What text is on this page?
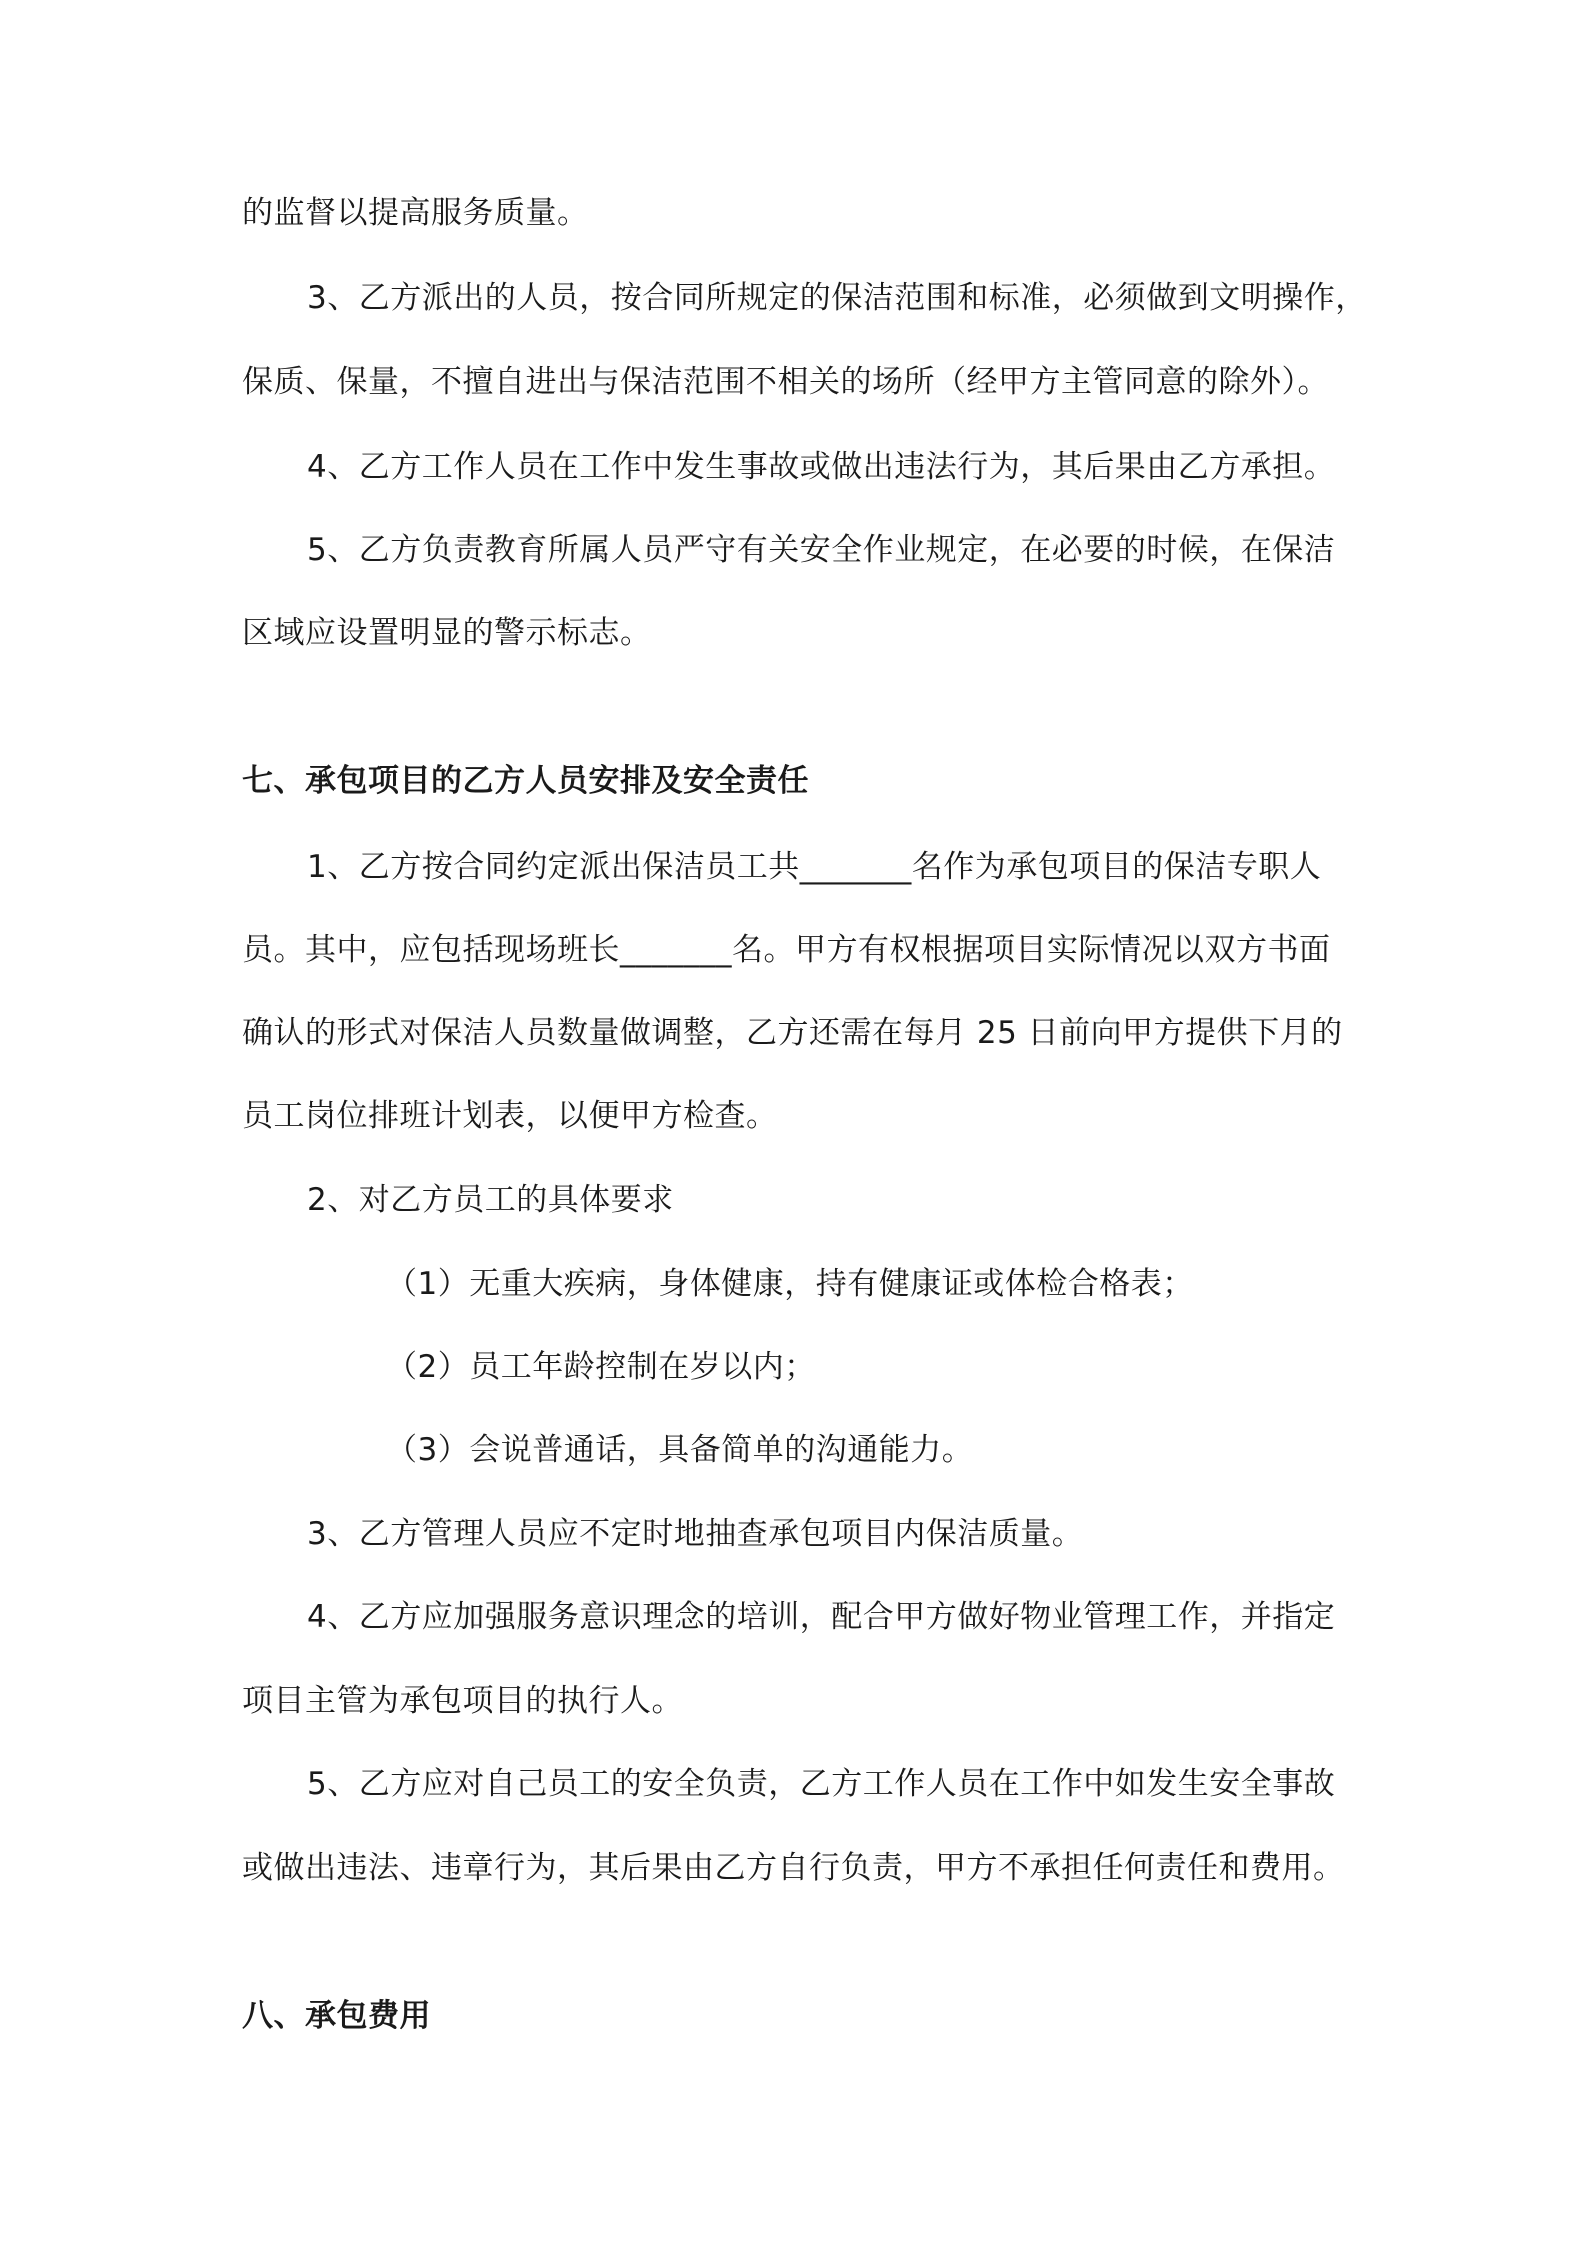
的监督以提高服务质量。
3、乙方派出的人员，按合同所规定的保洁范围和标准，必须做到文明操作，
保质、保量，不擅自进出与保洁范围不相关的场所（经甲方主管同意的除外）。
4、乙方工作人员在工作中发生事故或做出违法行为，其后果由乙方承担。
5、乙方负责教育所属人员严守有关安全作业规定，在必要的时候，在保洁
区域应设置明显的警示标志。
七、承包项目的乙方人员安排及安全责任
1、乙方按合同约定派出保洁员工共_______名作为承包项目的保洁专职人
员。其中，应包括现场班长_______名。甲方有权根据项目实际情况以双方书面
确认的形式对保洁人员数量做调整，乙方还需在每月 25 日前向甲方提供下月的
员工岗位排班计划表，以便甲方检查。
2、对乙方员工的具体要求
（1）无重大疾病，身体健康，持有健康证或体检合格表；
（2）员工年龄控制在岁以内；
（3）会说普通话，具备简单的沟通能力。
3、乙方管理人员应不定时地抽查承包项目内保洁质量。
4、乙方应加强服务意识理念的培训，配合甲方做好物业管理工作，并指定
项目主管为承包项目的执行人。
5、乙方应对自己员工的安全负责，乙方工作人员在工作中如发生安全事故
或做出违法、违章行为，其后果由乙方自行负责，甲方不承担任何责任和费用。
八、承包费用
